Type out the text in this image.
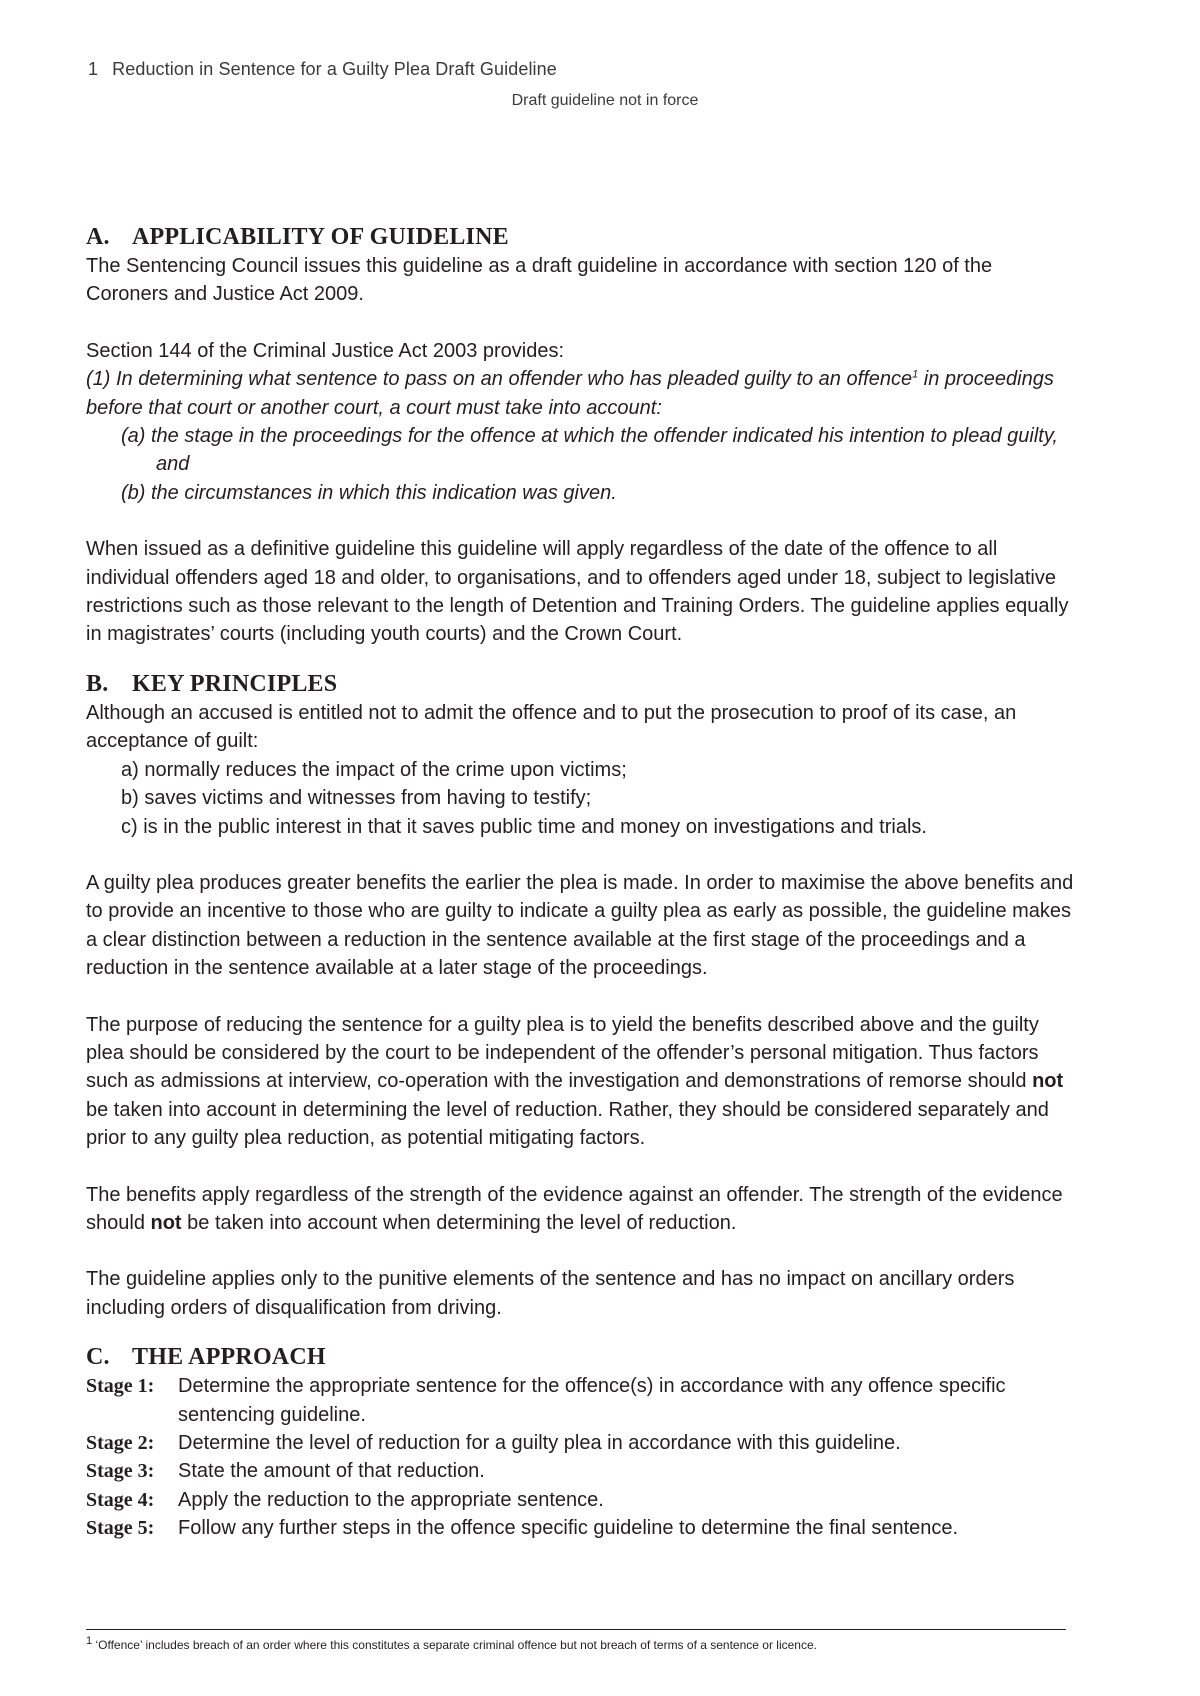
1 Reduction in Sentence for a Guilty Plea Draft Guideline
Draft guideline not in force
A. APPLICABILITY OF GUIDELINE

The Sentencing Council issues this guideline as a draft guideline in accordance with section 120 of the Coroners and Justice Act 2009.

Section 144 of the Criminal Justice Act 2003 provides:

(1) In determining what sentence to pass on an offender who has pleaded guilty to an offence$^1$ in proceedings before that court or another court, a court must take into account:

(a) the stage in the proceedings for the offence at which the offender indicated his intention to plead guilty, and

(b) the circumstances in which this indication was given.

When issued as a definitive guideline this guideline will apply regardless of the date of the offence to all individual offenders aged 18 and older, to organisations, and to offenders aged under 18, subject to legislative restrictions such as those relevant to the length of Detention and Training Orders. The guideline applies equally in magistrates’ courts (including youth courts) and the Crown Court.

B. KEY PRINCIPLES

Although an accused is entitled not to admit the offence and to put the prosecution to proof of its case, an acceptance of guilt:

a) normally reduces the impact of the crime upon victims;

b) saves victims and witnesses from having to testify;

c) is in the public interest in that it saves public time and money on investigations and trials.

A guilty plea produces greater benefits the earlier the plea is made. In order to maximise the above benefits and to provide an incentive to those who are guilty to indicate a guilty plea as early as possible, the guideline makes a clear distinction between a reduction in the sentence available at the first stage of the proceedings and a reduction in the sentence available at a later stage of the proceedings.

The purpose of reducing the sentence for a guilty plea is to yield the benefits described above and the guilty plea should be considered by the court to be independent of the offender’s personal mitigation. Thus factors such as admissions at interview, co-operation with the investigation and demonstrations of remorse should not be taken into account in determining the level of reduction. Rather, they should be considered separately and prior to any guilty plea reduction, as potential mitigating factors.

The benefits apply regardless of the strength of the evidence against an offender. The strength of the evidence should not be taken into account when determining the level of reduction.

The guideline applies only to the punitive elements of the sentence and has no impact on ancillary orders including orders of disqualification from driving.

C. THE APPROACH
Stage 1:	Determine the appropriate sentence for the offence(s) in accordance with any offence specific sentencing guideline.
Stage 2:	Determine the level of reduction for a guilty plea in accordance with this guideline.
Stage 3:	State the amount of that reduction.
Stage 4:	Apply the reduction to the appropriate sentence.
Stage 5:	Follow any further steps in the offence specific guideline to determine the final sentence.
$^1$ ‘Offence’ includes breach of an order where this constitutes a separate criminal offence but not breach of terms of a sentence or licence.
